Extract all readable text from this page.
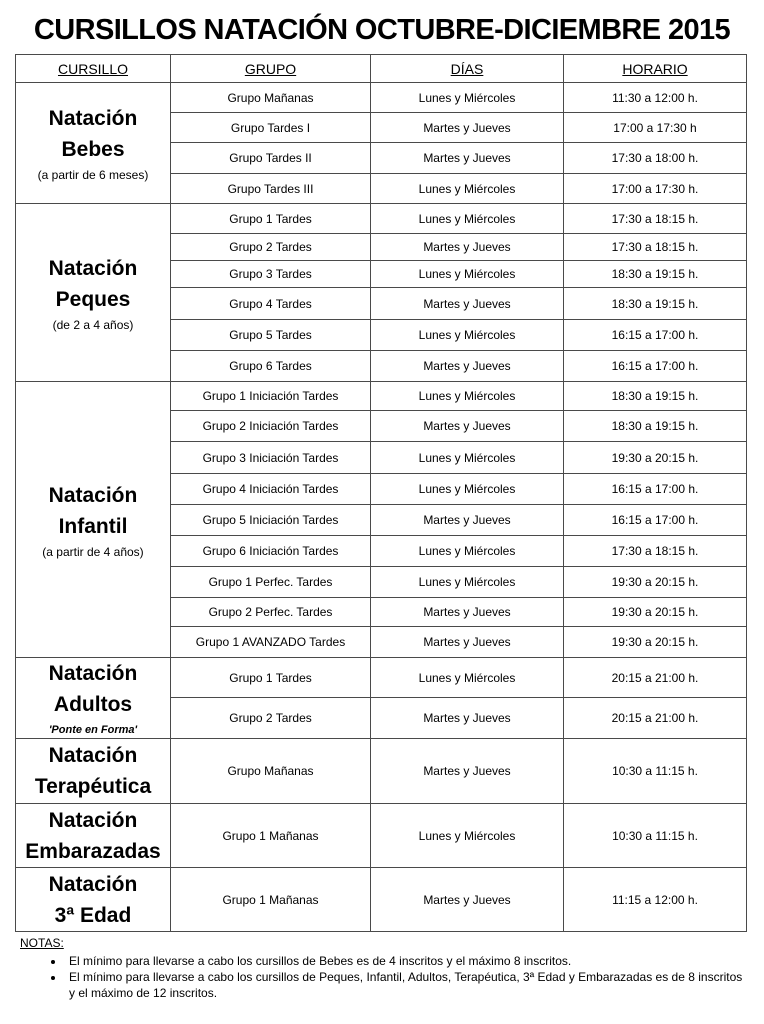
CURSILLOS NATACIÓN OCTUBRE-DICIEMBRE 2015
CURSILLO	GRUPO	DÍAS	HORARIO

Natación
Bebes
(a partir de 6 meses)	Grupo Mañanas	Lunes y Miércoles	11:30 a 12:00 h.
	Grupo Tardes I	Martes y Jueves	17:00 a 17:30 h
	Grupo Tardes II	Martes y Jueves	17:30 a 18:00 h.
	Grupo Tardes III	Lunes y Miércoles	17:00 a 17:30 h.

Natación
Peques
(de 2 a 4 años)	Grupo 1 Tardes	Lunes y Miércoles	17:30 a 18:15 h.
	Grupo 2 Tardes	Martes y Jueves	17:30 a 18:15 h.
	Grupo 3 Tardes	Lunes y Miércoles	18:30 a 19:15 h.
	Grupo 4 Tardes	Martes y Jueves	18:30 a 19:15 h.
	Grupo 5 Tardes	Lunes y Miércoles	16:15 a 17:00 h.
	Grupo 6 Tardes	Martes y Jueves	16:15 a 17:00 h.

Natación
Infantil
(a partir de 4 años)	Grupo 1 Iniciación Tardes	Lunes y Miércoles	18:30 a 19:15 h.
	Grupo 2 Iniciación Tardes	Martes y Jueves	18:30 a 19:15 h.
	Grupo 3 Iniciación Tardes	Lunes y Miércoles	19:30 a 20:15 h.
	Grupo 4 Iniciación Tardes	Lunes y Miércoles	16:15 a 17:00 h.
	Grupo 5 Iniciación Tardes	Martes y Jueves	16:15 a 17:00 h.
	Grupo 6 Iniciación Tardes	Lunes y Miércoles	17:30 a 18:15 h.
	Grupo 1 Perfec. Tardes	Lunes y Miércoles	19:30 a 20:15 h.
	Grupo 2 Perfec. Tardes	Martes y Jueves	19:30 a 20:15 h.
	Grupo 1 AVANZADO Tardes	Martes y Jueves	19:30 a 20:15 h.

Natación
Adultos
'Ponte en Forma'	Grupo 1 Tardes	Lunes y Miércoles	20:15 a 21:00 h.
	Grupo 2 Tardes	Martes y Jueves	20:15 a 21:00 h.

Natación
Terapéutica	Grupo Mañanas	Martes y Jueves	10:30 a 11:15 h.

Natación
Embarazadas	Grupo 1 Mañanas	Lunes y Miércoles	10:30 a 11:15 h.

Natación
3ª Edad	Grupo 1 Mañanas	Martes y Jueves	11:15 a 12:00 h.
NOTAS:
• El mínimo para llevarse a cabo los cursillos de Bebes es de 4 inscritos y el máximo 8 inscritos.
• El mínimo para llevarse a cabo los cursillos de Peques, Infantil, Adultos, Terapéutica, 3ª Edad y Embarazadas es de 8 inscritos y el máximo de 12 inscritos.
